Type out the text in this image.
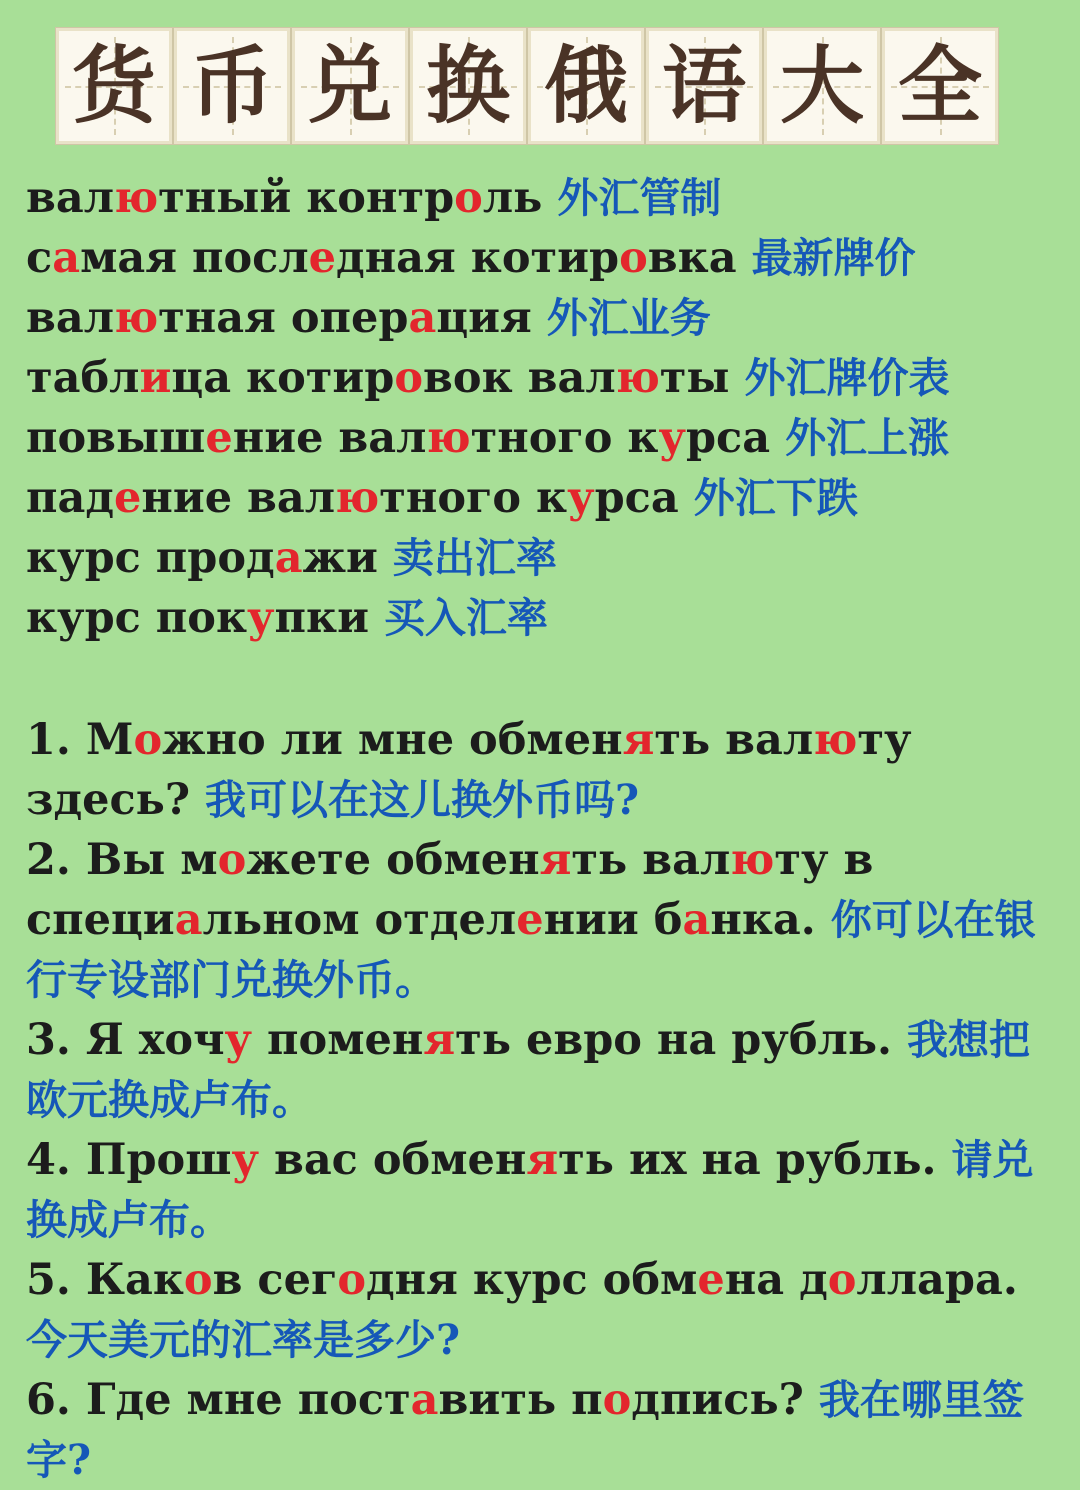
货 币 兑 换 俄 语 大 全
валютный контроль 外汇管制
самая последная котировка 最新牌价
валютная операция 外汇业务
таблица котировок валюты 外汇牌价表
повышение валютного курса 外汇上涨
падение валютного курса 外汇下跌
курс продажи 卖出汇率
курс покупки 买入汇率
1. Можно ли мне обменять валюту здесь? 我可以在这儿换外币吗?
2. Вы можете обменять валюту в специальном отделении банка. 你可以在银行专设部门兑换外币。
3. Я хочу поменять евро на рубль. 我想把欧元换成卢布。
4. Прошу вас обменять их на рубль. 请兑换成卢布。
5. Каков сегодня курс обмена доллара. 今天美元的汇率是多少?
6. Где мне поставить подпись? 我在哪里签字?
